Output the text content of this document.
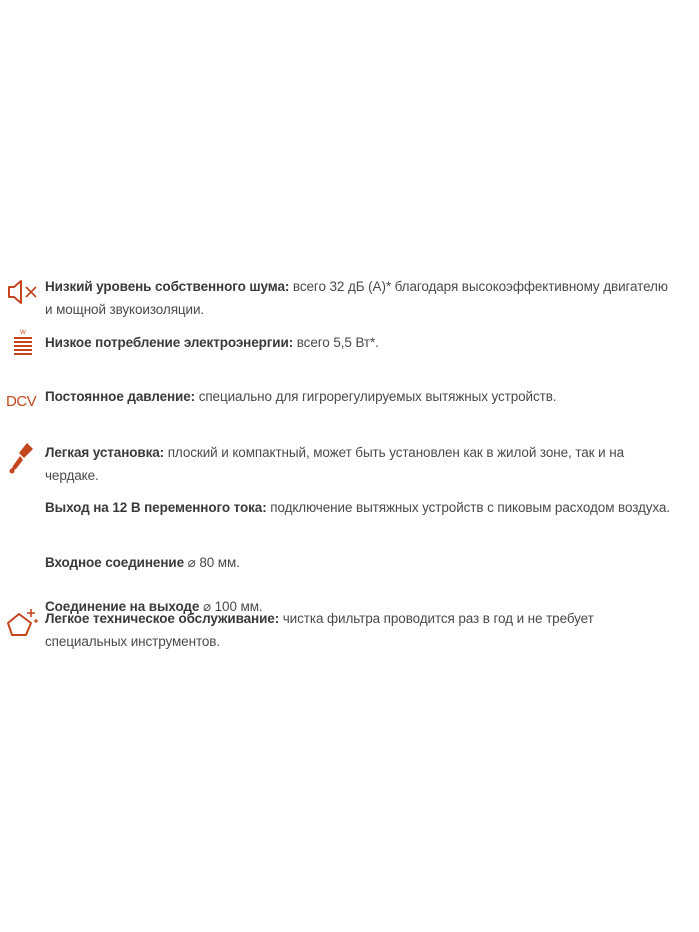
W
DCV
Низкий уровень собственного шума: всего 32 дБ (A)* благодаря высокоэффективному двигателю и мощной звукоизоляции.
Низкое потребление электроэнергии: всего 5,5 Вт*.
Постоянное давление: специально для гигрорегулируемых вытяжных устройств.
Легкая установка: плоский и компактный, может быть установлен как в жилой зоне, так и на чердаке.
Выход на 12 В переменного тока: подключение вытяжных устройств с пиковым расходом воздуха.
Входное соединение ⌀ 80 мм.
Соединение на выходе ⌀ 100 мм.
Легкое техническое обслуживание: чистка фильтра проводится раз в год и не требует специальных инструментов.
